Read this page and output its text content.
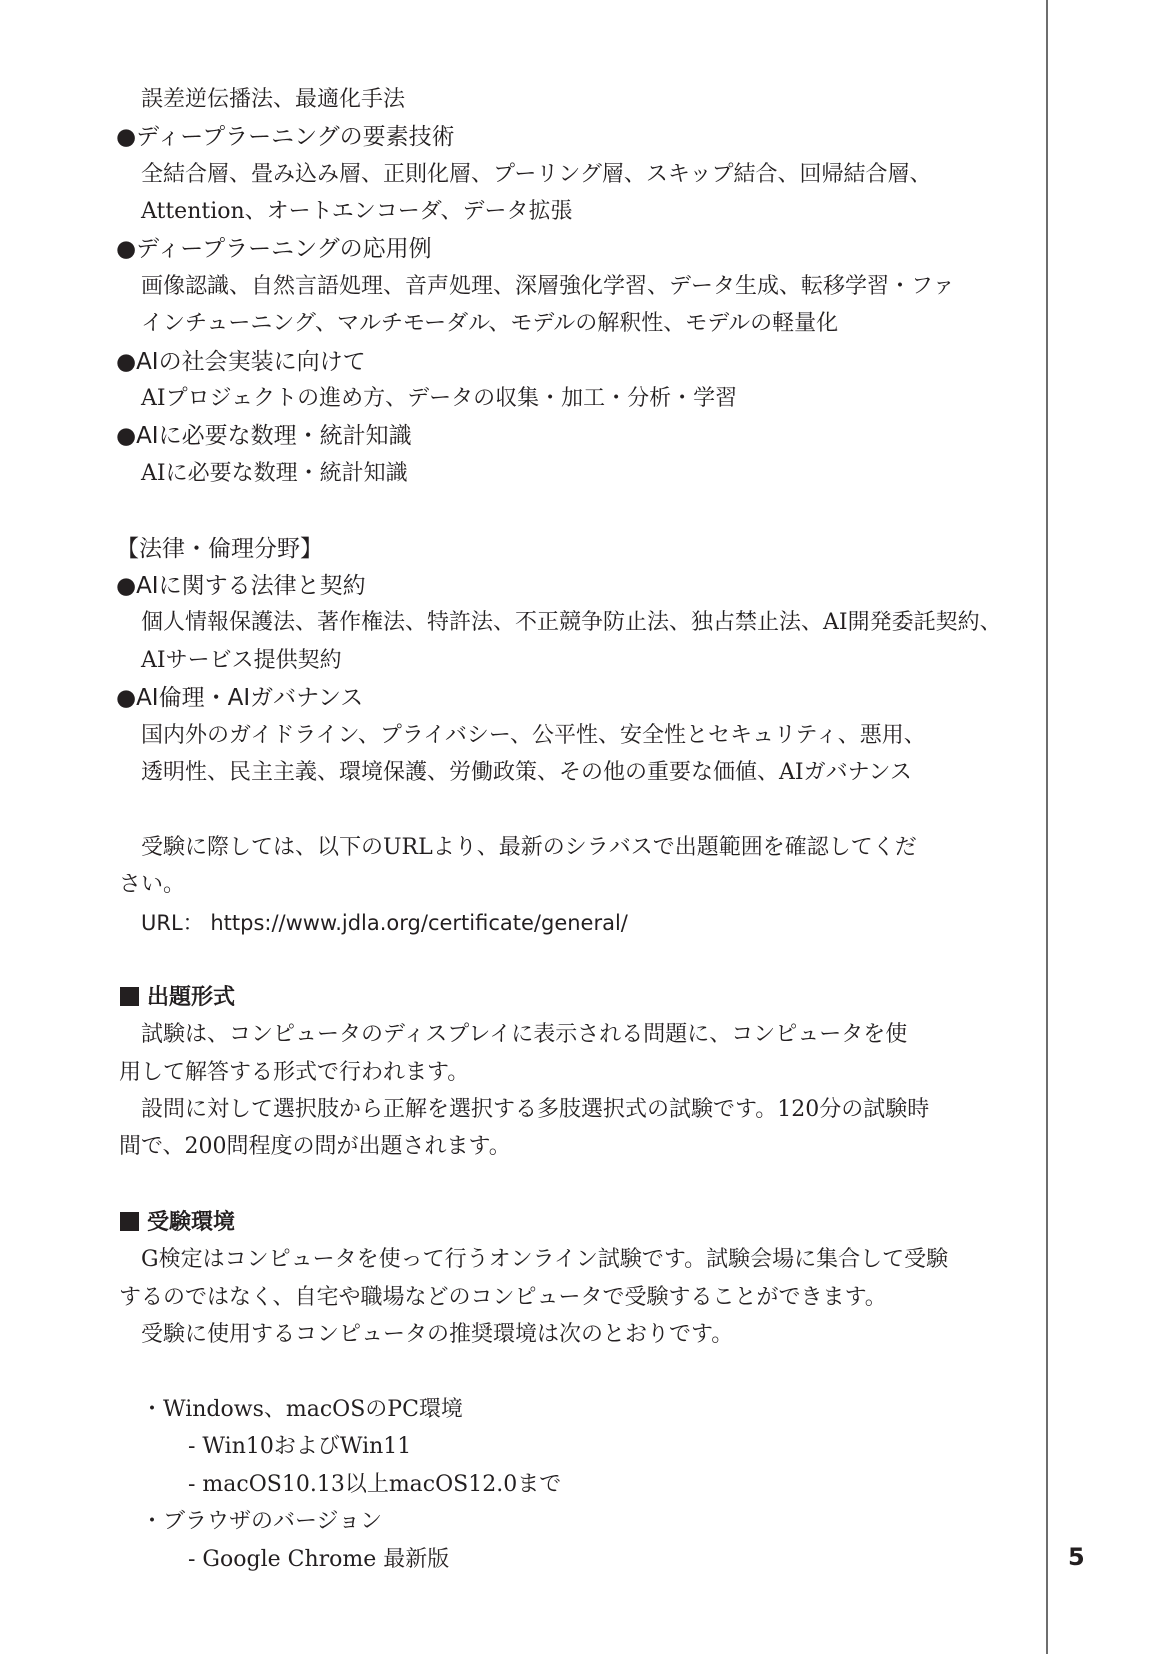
誤差逆伝播法、最適化手法
●ディープラーニングの要素技術
全結合層、畳み込み層、正則化層、プーリング層、スキップ結合、回帰結合層、
Attention、オートエンコーダ、データ拡張
●ディープラーニングの応用例
画像認識、自然言語処理、音声処理、深層強化学習、データ生成、転移学習・ファ
インチューニング、マルチモーダル、モデルの解釈性、モデルの軽量化
●AIの社会実装に向けて
AIプロジェクトの進め方、データの収集・加工・分析・学習
●AIに必要な数理・統計知識
AIに必要な数理・統計知識
【法律・倫理分野】
●AIに関する法律と契約
個人情報保護法、著作権法、特許法、不正競争防止法、独占禁止法、AI開発委託契約、
AIサービス提供契約
●AI倫理・AIガバナンス
国内外のガイドライン、プライバシー、公平性、安全性とセキュリティ、悪用、
透明性、民主主義、環境保護、労働政策、その他の重要な価値、AIガバナンス
受験に際しては、以下のURLより、最新のシラバスで出題範囲を確認してくだ
さい。
URL： https://www.jdla.org/certificate/general/
出題形式
試験は、コンピュータのディスプレイに表示される問題に、コンピュータを使
用して解答する形式で行われます。
設問に対して選択肢から正解を選択する多肢選択式の試験です。120分の試験時
間で、200問程度の問が出題されます。
受験環境
G検定はコンピュータを使って行うオンライン試験です。試験会場に集合して受験
するのではなく、自宅や職場などのコンピュータで受験することができます。
受験に使用するコンピュータの推奨環境は次のとおりです。
・Windows、macOSのPC環境
- Win10およびWin11
- macOS10.13以上macOS12.0まで
・ブラウザのバージョン
- Google Chrome 最新版	5
